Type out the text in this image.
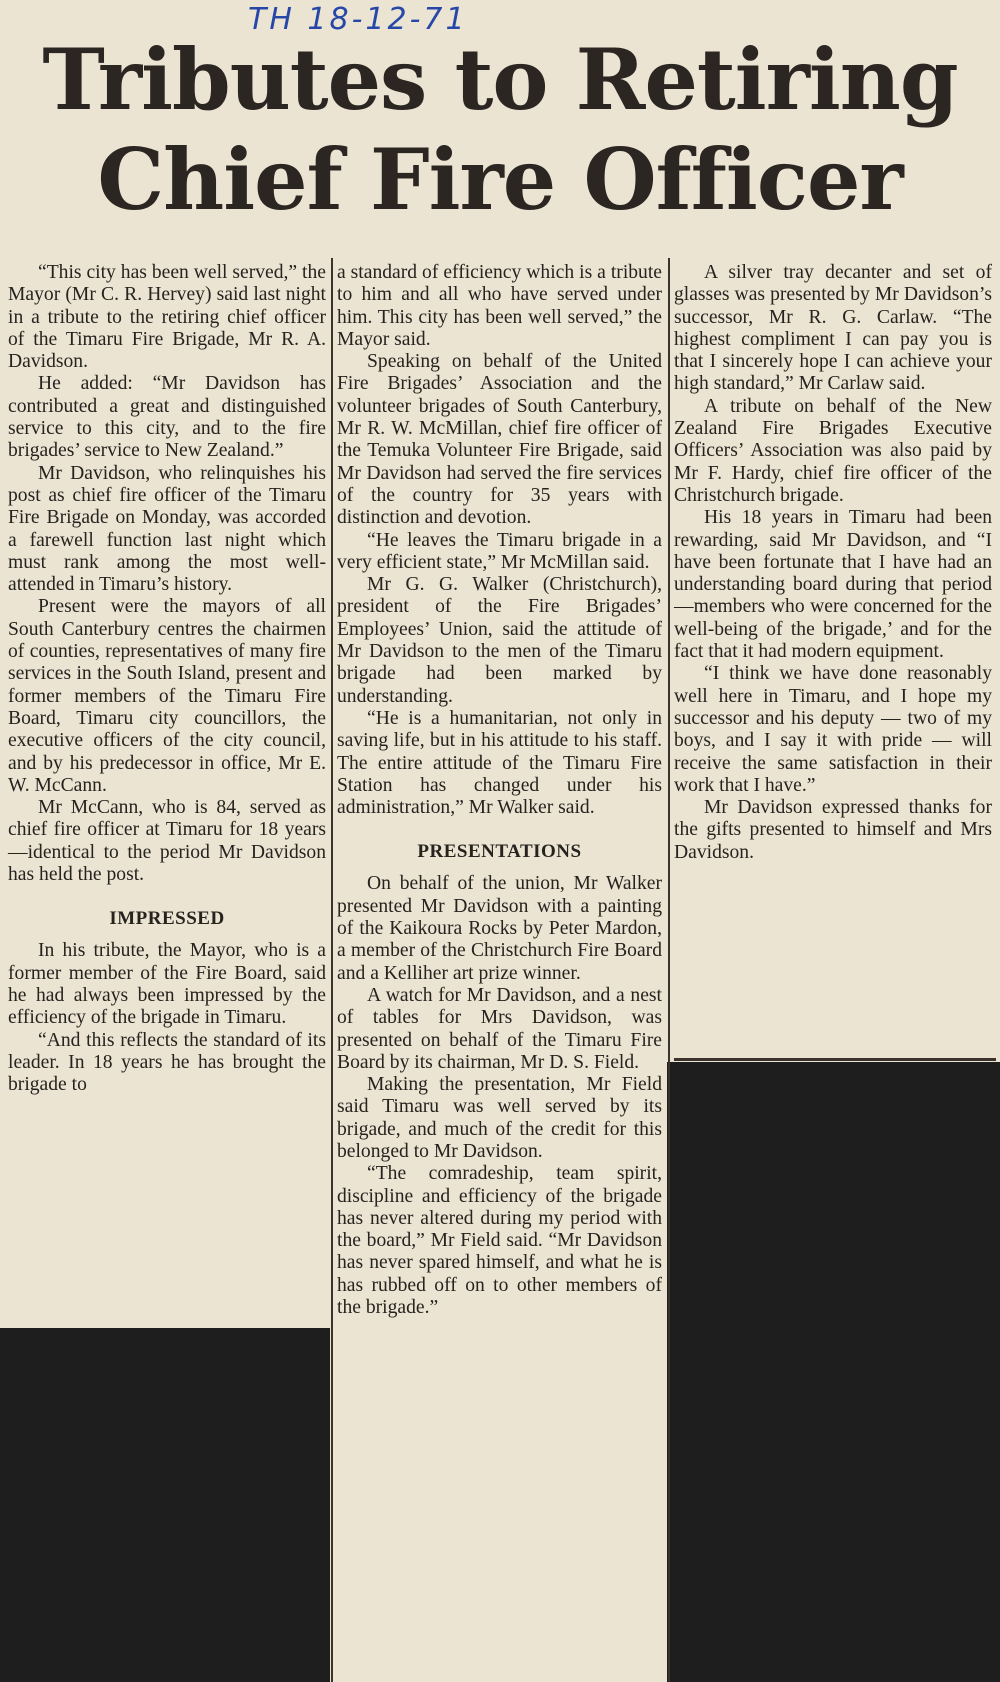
TH 18-12-71
Tributes to Retiring
Chief Fire Officer

“This city has been well served,” the Mayor (Mr C. R. Hervey) said last night in a tribute to the retiring chief officer of the Timaru Fire Brigade, Mr R. A. Davidson.

He added: “Mr Davidson has contributed a great and distinguished service to this city, and to the fire brigades’ service to New Zealand.”

Mr Davidson, who relinquishes his post as chief fire officer of the Timaru Fire Brigade on Monday, was accorded a farewell function last night which must rank among the most well-attended in Timaru’s history.

Present were the mayors of all South Canterbury centres the chairmen of counties, representatives of many fire services in the South Island, present and former members of the Timaru Fire Board, Timaru city councillors, the executive officers of the city council, and by his predecessor in office, Mr E. W. McCann.

Mr McCann, who is 84, served as chief fire officer at Timaru for 18 years—identical to the period Mr Davidson has held the post.

IMPRESSED

In his tribute, the Mayor, who is a former member of the Fire Board, said he had always been impressed by the efficiency of the brigade in Timaru.

“And this reflects the standard of its leader. In 18 years he has brought the brigade to

a standard of efficiency which is a tribute to him and all who have served under him. This city has been well served,” the Mayor said.

Speaking on behalf of the United Fire Brigades’ Association and the volunteer brigades of South Canterbury, Mr R. W. McMillan, chief fire officer of the Temuka Volunteer Fire Brigade, said Mr Davidson had served the fire services of the country for 35 years with distinction and devotion.

“He leaves the Timaru brigade in a very efficient state,” Mr McMillan said.

Mr G. G. Walker (Christchurch), president of the Fire Brigades’ Employees’ Union, said the attitude of Mr Davidson to the men of the Timaru brigade had been marked by understanding.

“He is a humanitarian, not only in saving life, but in his attitude to his staff. The entire attitude of the Timaru Fire Station has changed under his administration,” Mr Walker said.

PRESENTATIONS

On behalf of the union, Mr Walker presented Mr Davidson with a painting of the Kaikoura Rocks by Peter Mardon, a member of the Christchurch Fire Board and a Kelliher art prize winner.

A watch for Mr Davidson, and a nest of tables for Mrs Davidson, was presented on behalf of the Timaru Fire Board by its chairman, Mr D. S. Field.

Making the presentation, Mr Field said Timaru was well served by its brigade, and much of the credit for this belonged to Mr Davidson.

“The comradeship, team spirit, discipline and efficiency of the brigade has never altered during my period with the board,” Mr Field said. “Mr Davidson has never spared himself, and what he is has rubbed off on to other members of the brigade.”

A silver tray decanter and set of glasses was presented by Mr Davidson’s successor, Mr R. G. Carlaw. “The highest compliment I can pay you is that I sincerely hope I can achieve your high standard,” Mr Carlaw said.

A tribute on behalf of the New Zealand Fire Brigades Executive Officers’ Association was also paid by Mr F. Hardy, chief fire officer of the Christchurch brigade.

His 18 years in Timaru had been rewarding, said Mr Davidson, and “I have been fortunate that I have had an understanding board during that period—members who were concerned for the well-being of the brigade,’ and for the fact that it had modern equipment.

“I think we have done reasonably well here in Timaru, and I hope my successor and his deputy — two of my boys, and I say it with pride — will receive the same satisfaction in their work that I have.”

Mr Davidson expressed thanks for the gifts presented to himself and Mrs Davidson.
